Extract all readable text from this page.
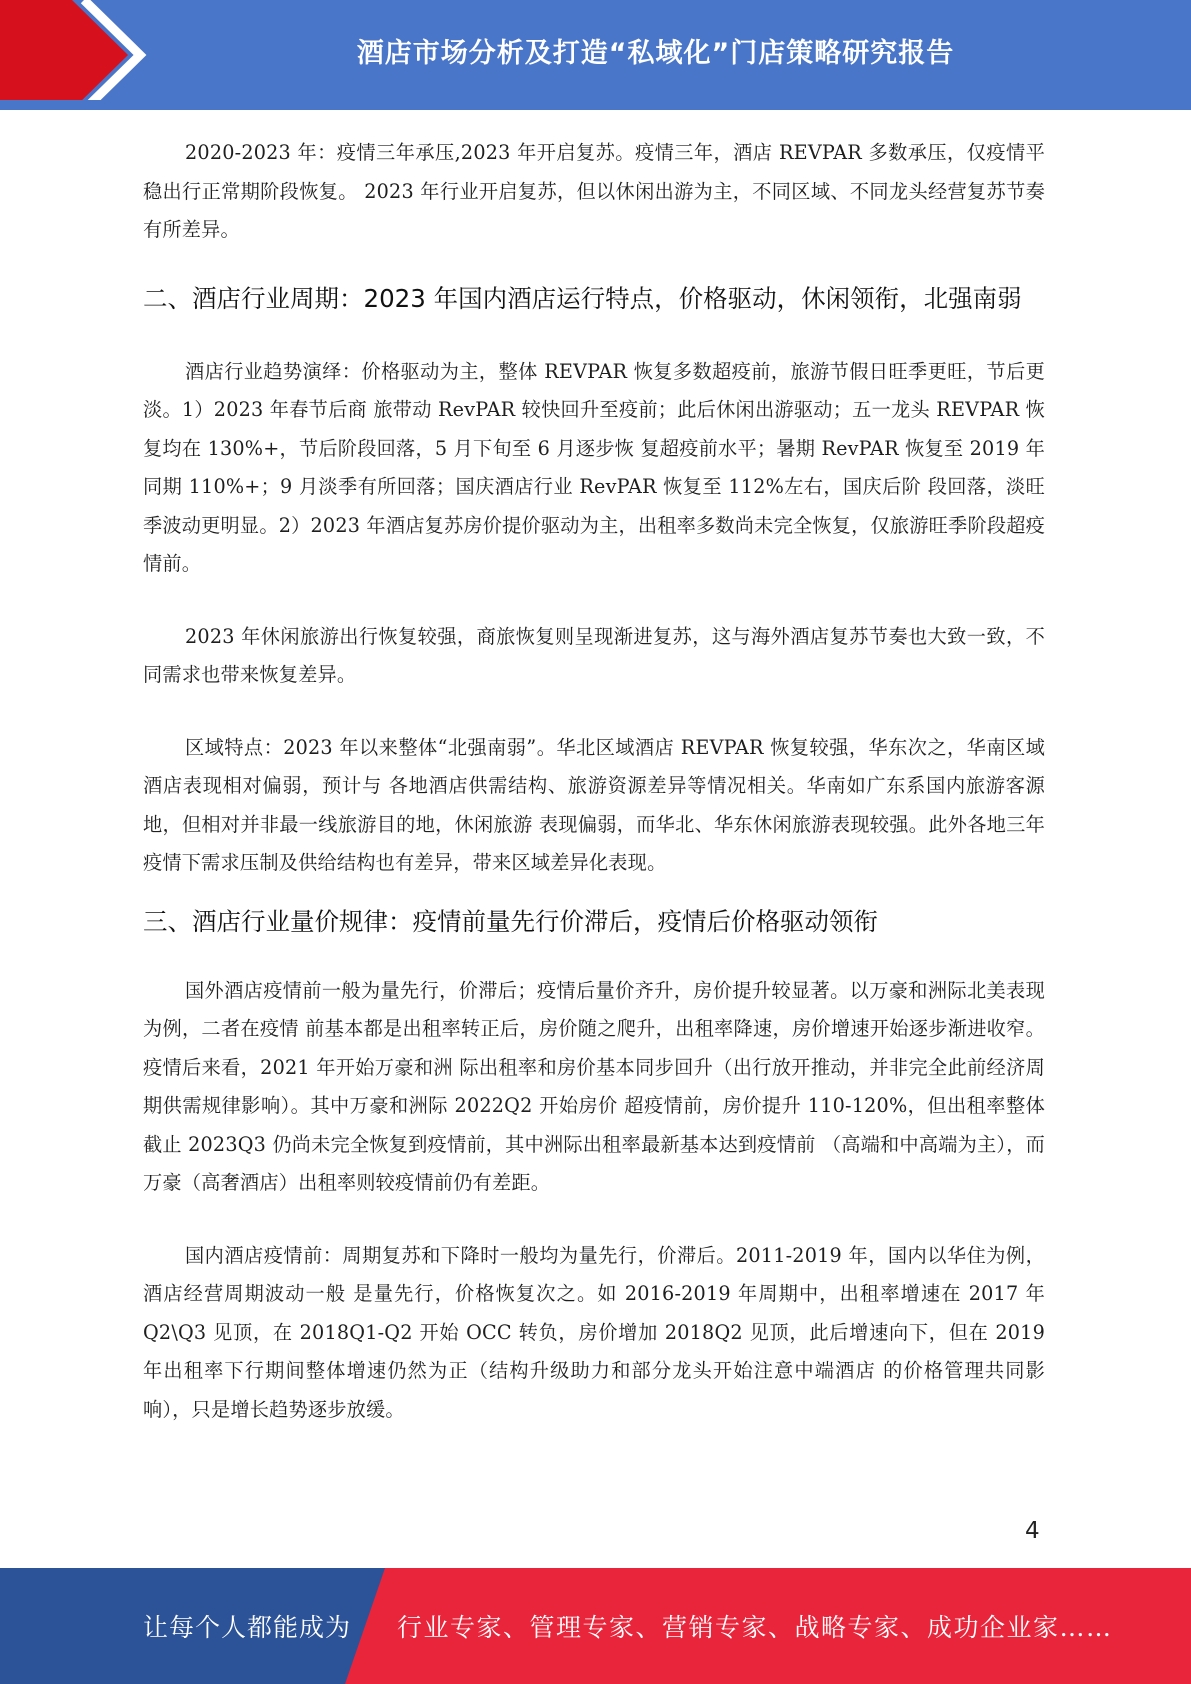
酒店市场分析及打造“私域化”门店策略研究报告

2020-2023 年：疫情三年承压,2023 年开启复苏。疫情三年，酒店 REVPAR 多数承压，仅疫情平稳出行正常期阶段恢复。 2023 年行业开启复苏，但以休闲出游为主，不同区域、不同龙头经营复苏节奏有所差异。

二、酒店行业周期：2023 年国内酒店运行特点，价格驱动，休闲领衔，北强南弱

酒店行业趋势演绎：价格驱动为主，整体 REVPAR 恢复多数超疫前，旅游节假日旺季更旺，节后更淡。1）2023 年春节后商 旅带动 RevPAR 较快回升至疫前；此后休闲出游驱动；五一龙头 REVPAR 恢复均在 130%+，节后阶段回落，5 月下旬至 6 月逐步恢 复超疫前水平；暑期 RevPAR 恢复至 2019 年同期 110%+；9 月淡季有所回落；国庆酒店行业 RevPAR 恢复至 112%左右，国庆后阶 段回落，淡旺季波动更明显。2）2023 年酒店复苏房价提价驱动为主，出租率多数尚未完全恢复，仅旅游旺季阶段超疫情前。

2023 年休闲旅游出行恢复较强，商旅恢复则呈现渐进复苏，这与海外酒店复苏节奏也大致一致，不同需求也带来恢复差异。

区域特点：2023 年以来整体“北强南弱”。华北区域酒店 REVPAR 恢复较强，华东次之，华南区域酒店表现相对偏弱，预计与 各地酒店供需结构、旅游资源差异等情况相关。华南如广东系国内旅游客源地，但相对并非最一线旅游目的地，休闲旅游 表现偏弱，而华北、华东休闲旅游表现较强。此外各地三年疫情下需求压制及供给结构也有差异，带来区域差异化表现。

三、酒店行业量价规律：疫情前量先行价滞后，疫情后价格驱动领衔

国外酒店疫情前一般为量先行，价滞后；疫情后量价齐升，房价提升较显著。以万豪和洲际北美表现为例，二者在疫情 前基本都是出租率转正后，房价随之爬升，出租率降速，房价增速开始逐步渐进收窄。疫情后来看，2021 年开始万豪和洲 际出租率和房价基本同步回升（出行放开推动，并非完全此前经济周期供需规律影响）。其中万豪和洲际 2022Q2 开始房价 超疫情前，房价提升 110-120%，但出租率整体截止 2023Q3 仍尚未完全恢复到疫情前，其中洲际出租率最新基本达到疫情前 （高端和中高端为主），而万豪（高奢酒店）出租率则较疫情前仍有差距。

国内酒店疫情前：周期复苏和下降时一般均为量先行，价滞后。2011-2019 年，国内以华住为例，酒店经营周期波动一般 是量先行，价格恢复次之。如 2016-2019 年周期中，出租率增速在 2017 年 Q2\Q3 见顶，在 2018Q1-Q2 开始 OCC 转负，房价增加 2018Q2 见顶，此后增速向下，但在 2019 年出租率下行期间整体增速仍然为正（结构升级助力和部分龙头开始注意中端酒店 的价格管理共同影响），只是增长趋势逐步放缓。

4
让每个人都能成为 行业专家、管理专家、营销专家、战略专家、成功企业家……
